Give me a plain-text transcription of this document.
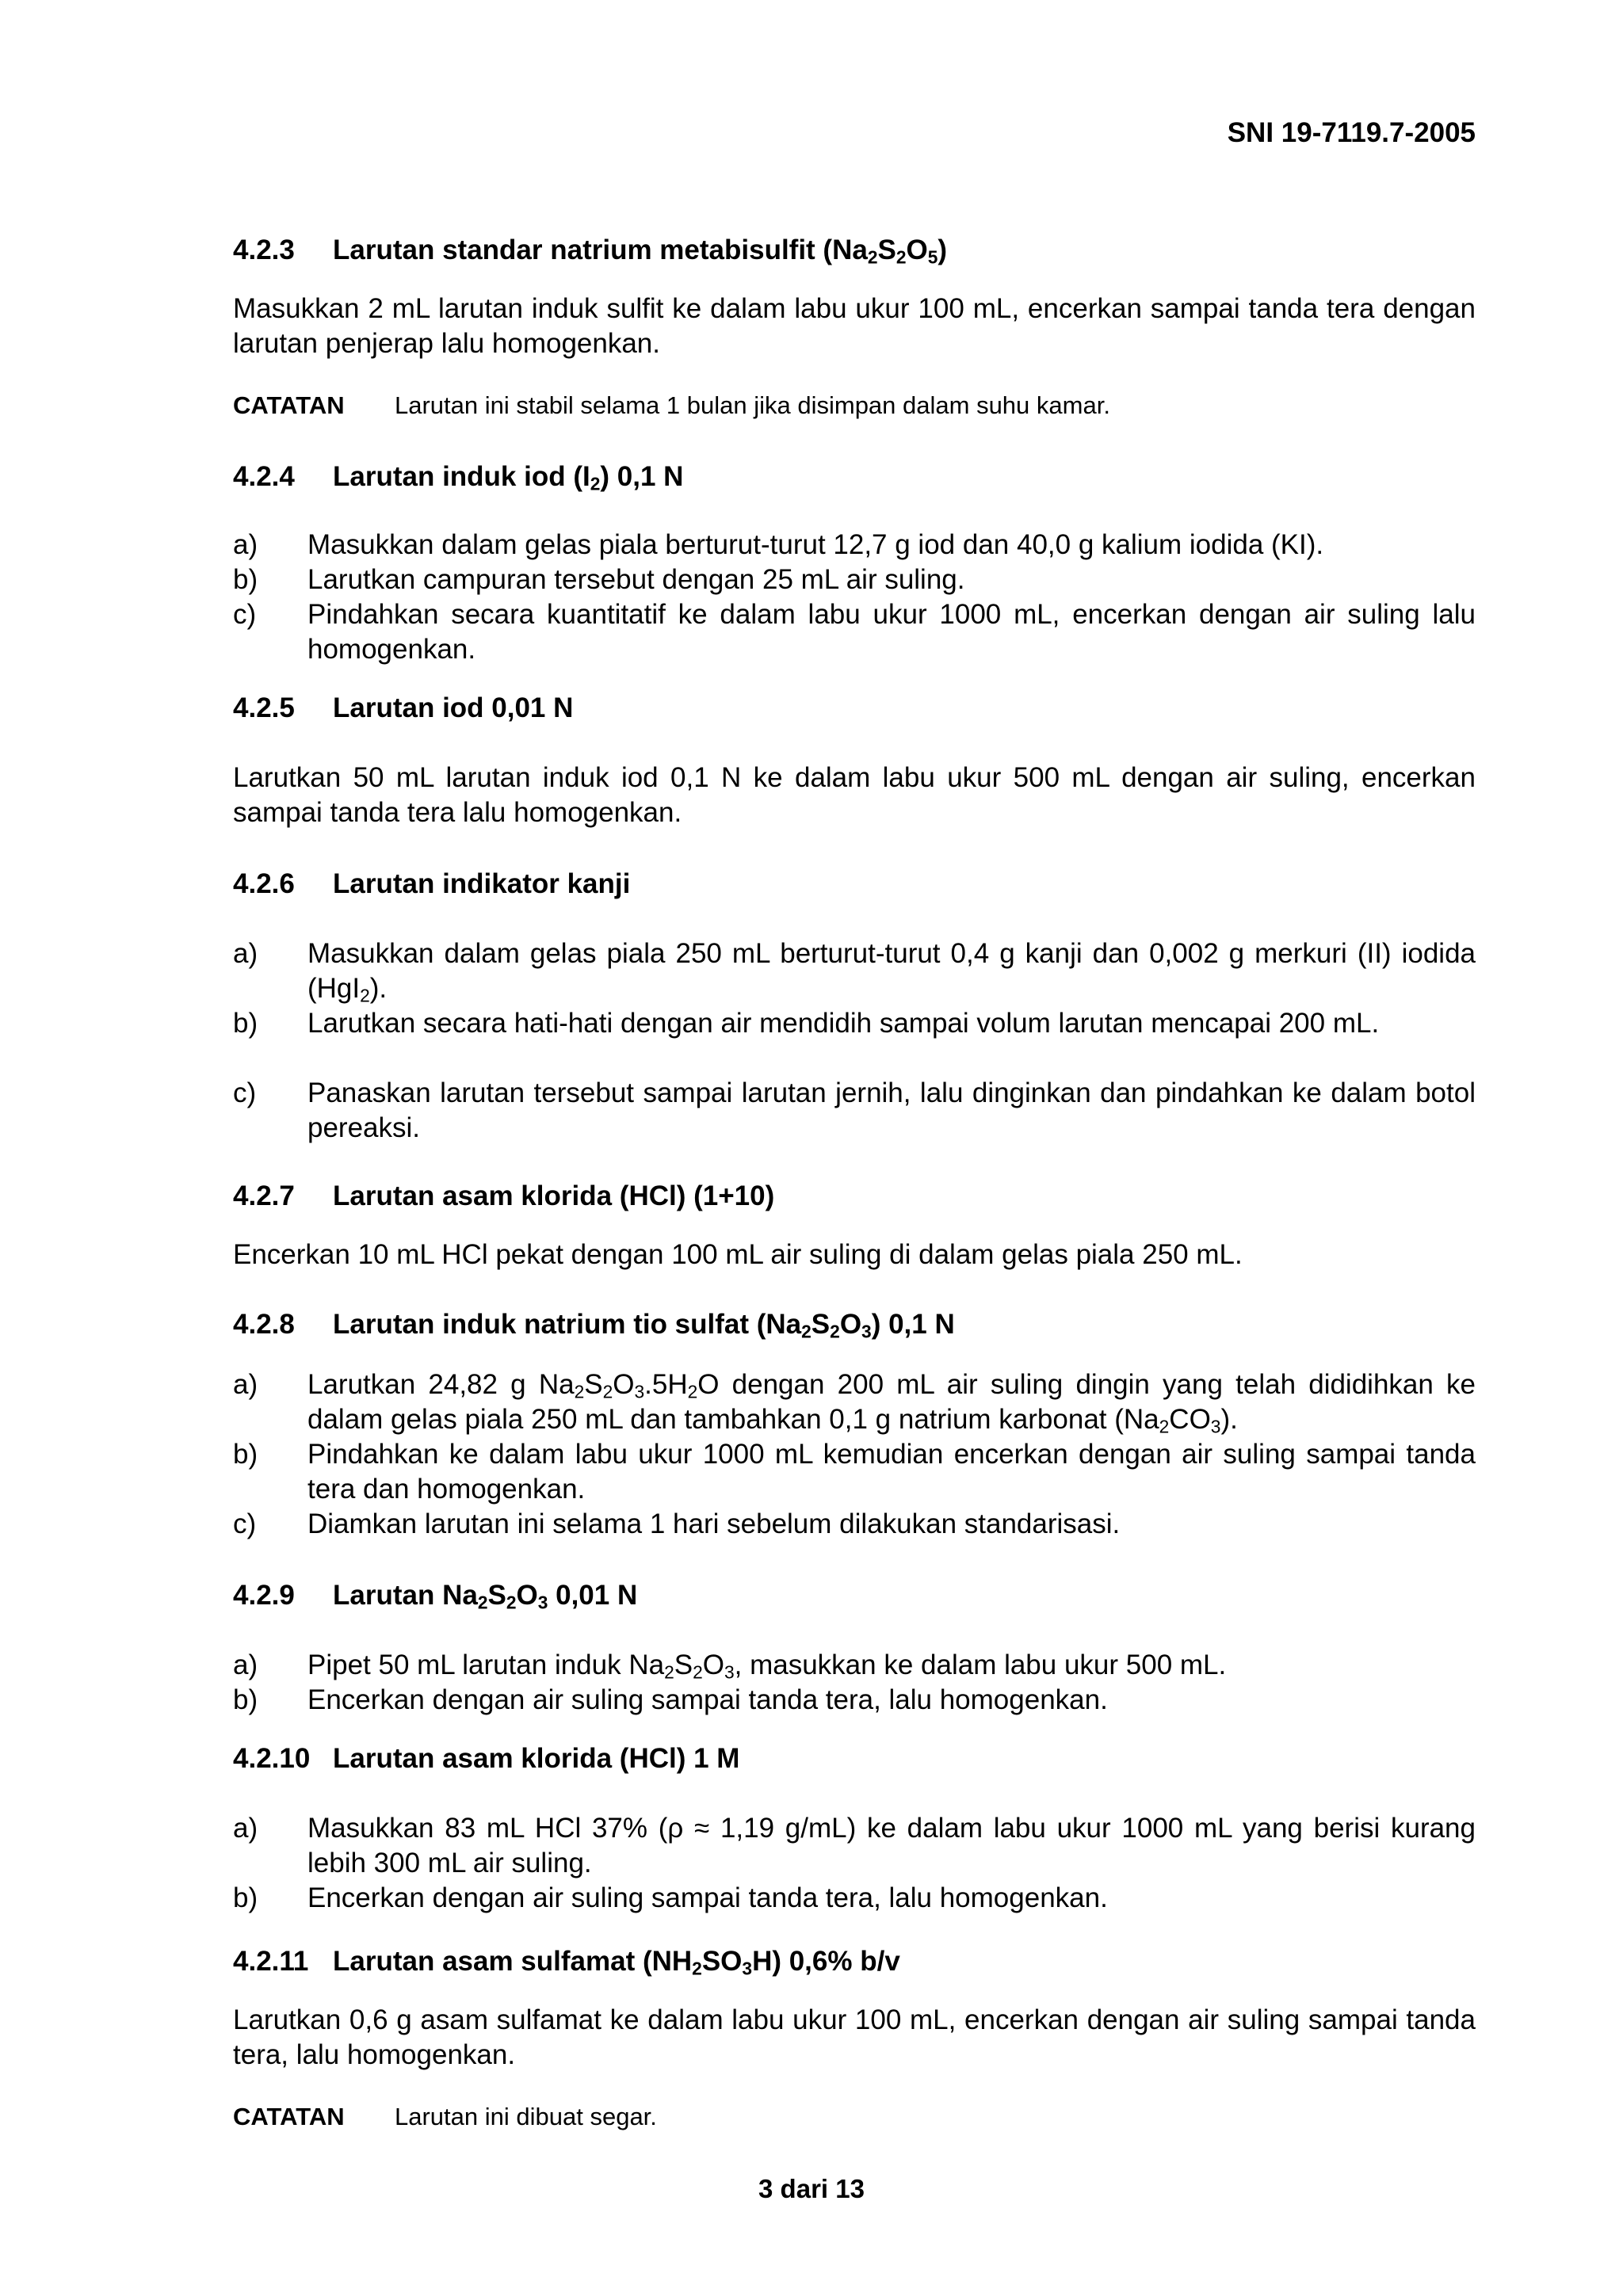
SNI 19-7119.7-2005
4.2.3 Larutan standar natrium metabisulfit $(Na_2S_2O_5)$
Masukkan 2 mL larutan induk sulfit ke dalam labu ukur 100 mL, encerkan sampai tanda tera dengan larutan penjerap lalu homogenkan.
CATATAN Larutan ini stabil selama 1 bulan jika disimpan dalam suhu kamar.
4.2.4 Larutan induk iod $(I_2)$ 0,1 N
a) Masukkan dalam gelas piala berturut-turut 12,7 g iod dan 40,0 g kalium iodida (KI).
b) Larutkan campuran tersebut dengan 25 mL air suling.
c) Pindahkan secara kuantitatif ke dalam labu ukur 1000 mL, encerkan dengan air suling lalu homogenkan.
4.2.5 Larutan iod 0,01 N
Larutkan 50 mL larutan induk iod 0,1 N ke dalam labu ukur 500 mL dengan air suling, encerkan sampai tanda tera lalu homogenkan.
4.2.6 Larutan indikator kanji
a) Masukkan dalam gelas piala 250 mL berturut-turut 0,4 g kanji dan 0,002 g merkuri (II) iodida (HgI$_2$).
b) Larutkan secara hati-hati dengan air mendidih sampai volum larutan mencapai 200 mL.
c) Panaskan larutan tersebut sampai larutan jernih, lalu dinginkan dan pindahkan ke dalam botol pereaksi.
4.2.7 Larutan asam klorida (HCl) (1+10)
Encerkan 10 mL HCl pekat dengan 100 mL air suling di dalam gelas piala 250 mL.
4.2.8 Larutan induk natrium tio sulfat $(Na_2S_2O_3)$ 0,1 N
a) Larutkan 24,82 g $Na_2S_2O_3.5H_2O$ dengan 200 mL air suling dingin yang telah dididihkan ke dalam gelas piala 250 mL dan tambahkan 0,1 g natrium karbonat $(Na_2CO_3)$.
b) Pindahkan ke dalam labu ukur 1000 mL kemudian encerkan dengan air suling sampai tanda tera dan homogenkan.
c) Diamkan larutan ini selama 1 hari sebelum dilakukan standarisasi.
4.2.9 Larutan $Na_2S_2O_3$ 0,01 N
a) Pipet 50 mL larutan induk $Na_2S_2O_3$, masukkan ke dalam labu ukur 500 mL.
b) Encerkan dengan air suling sampai tanda tera, lalu homogenkan.
4.2.10 Larutan asam klorida (HCl) 1 M
a) Masukkan 83 mL HCl 37% (ρ ≈ 1,19 g/mL) ke dalam labu ukur 1000 mL yang berisi kurang lebih 300 mL air suling.
b) Encerkan dengan air suling sampai tanda tera, lalu homogenkan.
4.2.11 Larutan asam sulfamat $(NH_2SO_3H)$ 0,6% b/v
Larutkan 0,6 g asam sulfamat ke dalam labu ukur 100 mL, encerkan dengan air suling sampai tanda tera, lalu homogenkan.
CATATAN Larutan ini dibuat segar.
3 dari 13
